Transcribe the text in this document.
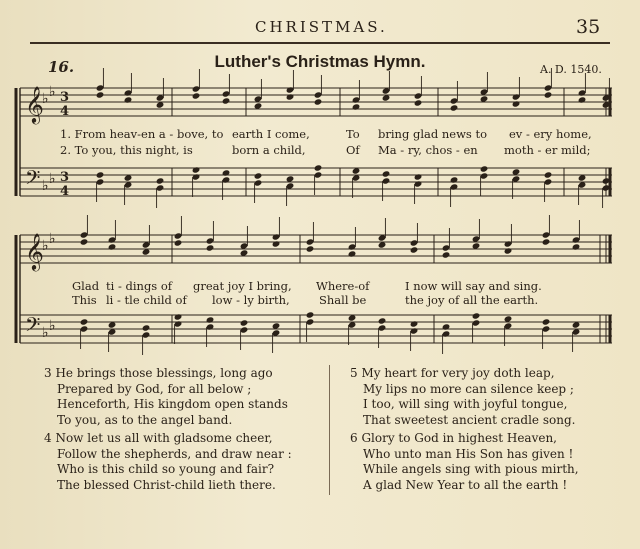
CHRISTMAS.	35
16.	Luther's Christmas Hymn.	A. D. 1540.
𝄞
𝄢
♭ ♭
♭ ♭
3
4
3
4
𝄞
𝄢
♭ ♭
♭ ♭
1. From heav-en a - bove, to earth I come,	To bring glad news to ev - ery home,
2. To you, this night, is	born a child,	Of Ma - ry, chos - en moth - er mild;
Glad ti - dings of great joy I bring, Where-of	I now will say and sing.
This li - tle child of low - ly birth,	Shall be	the joy of all the earth.
3 He brings those blessings, long ago
Prepared by God, for all below ;
Henceforth, His kingdom open stands
To you, as to the angel band.
4 Now let us all with gladsome cheer,
Follow the shepherds, and draw near :
Who is this child so young and fair?
The blessed Christ-child lieth there.
5 My heart for very joy doth leap,
My lips no more can silence keep ;
I too, will sing with joyful tongue,
That sweetest ancient cradle song.
6 Glory to God in highest Heaven,
Who unto man His Son has given !
While angels sing with pious mirth,
A glad New Year to all the earth !
